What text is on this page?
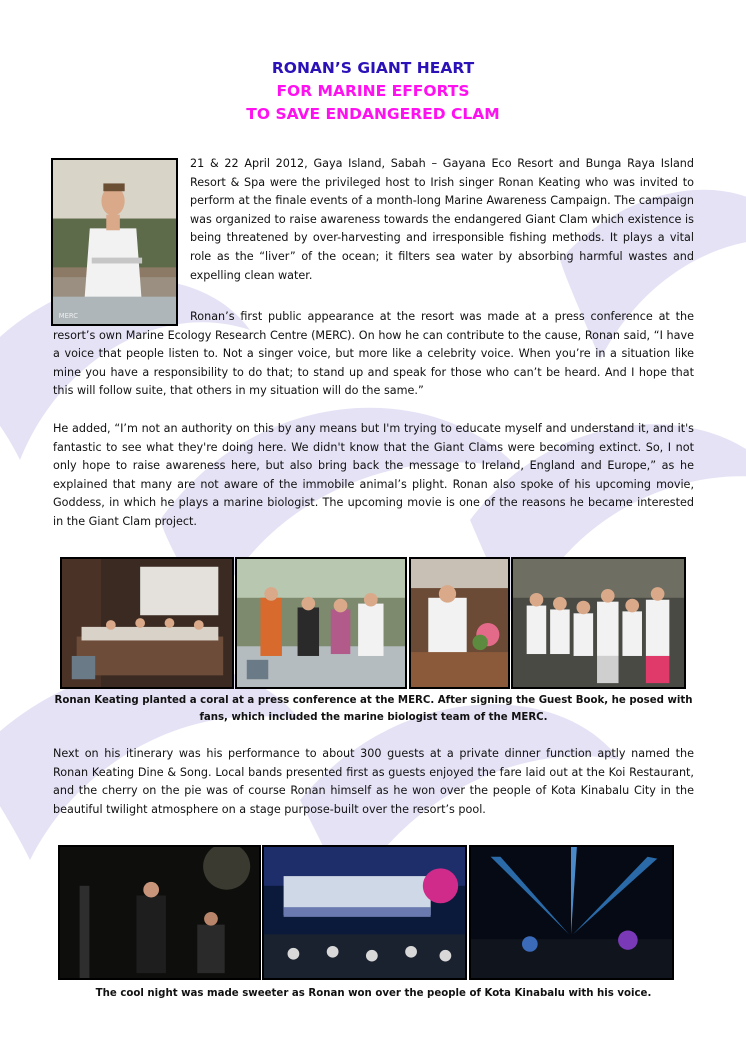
RONAN’S GIANT HEART
FOR MARINE EFFORTS
TO SAVE ENDANGERED CLAM
MERC

21 & 22 April 2012, Gaya Island, Sabah – Gayana Eco Resort and Bunga Raya Island Resort & Spa were the privileged host to Irish singer Ronan Keating who was invited to perform at the finale events of a month-long Marine Awareness Campaign. The campaign was organized to raise awareness towards the endangered Giant Clam which existence is being threatened by over-harvesting and irresponsible fishing methods. It plays a vital role as the “liver” of the ocean; it filters sea water by absorbing harmful wastes and expelling clean water.

Ronan’s first public appearance at the resort was made at a press conference at the resort’s own Marine Ecology Research Centre (MERC). On how he can contribute to the cause, Ronan said, “I have a voice that people listen to. Not a singer voice, but more like a celebrity voice. When you’re in a situation like mine you have a responsibility to do that; to stand up and speak for those who can’t be heard. And I hope that this will follow suite, that others in my situation will do the same.”

He added, “I’m not an authority on this by any means but I'm trying to educate myself and understand it, and it's fantastic to see what they're doing here. We didn't know that the Giant Clams were becoming extinct. So, I not only hope to raise awareness here, but also bring back the message to Ireland, England and Europe,” as he explained that many are not aware of the immobile animal’s plight. Ronan also spoke of his upcoming movie, Goddess, in which he plays a marine biologist. The upcoming movie is one of the reasons he became interested in the Giant Clam project.

Ronan Keating planted a coral at a press conference at the MERC. After signing the Guest Book, he posed with fans, which included the marine biologist team of the MERC.

Next on his itinerary was his performance to about 300 guests at a private dinner function aptly named the Ronan Keating Dine & Song. Local bands presented first as guests enjoyed the fare laid out at the Koi Restaurant, and the cherry on the pie was of course Ronan himself as he won over the people of Kota Kinabalu City in the beautiful twilight atmosphere on a stage purpose-built over the resort’s pool.

The cool night was made sweeter as Ronan won over the people of Kota Kinabalu with his voice.
